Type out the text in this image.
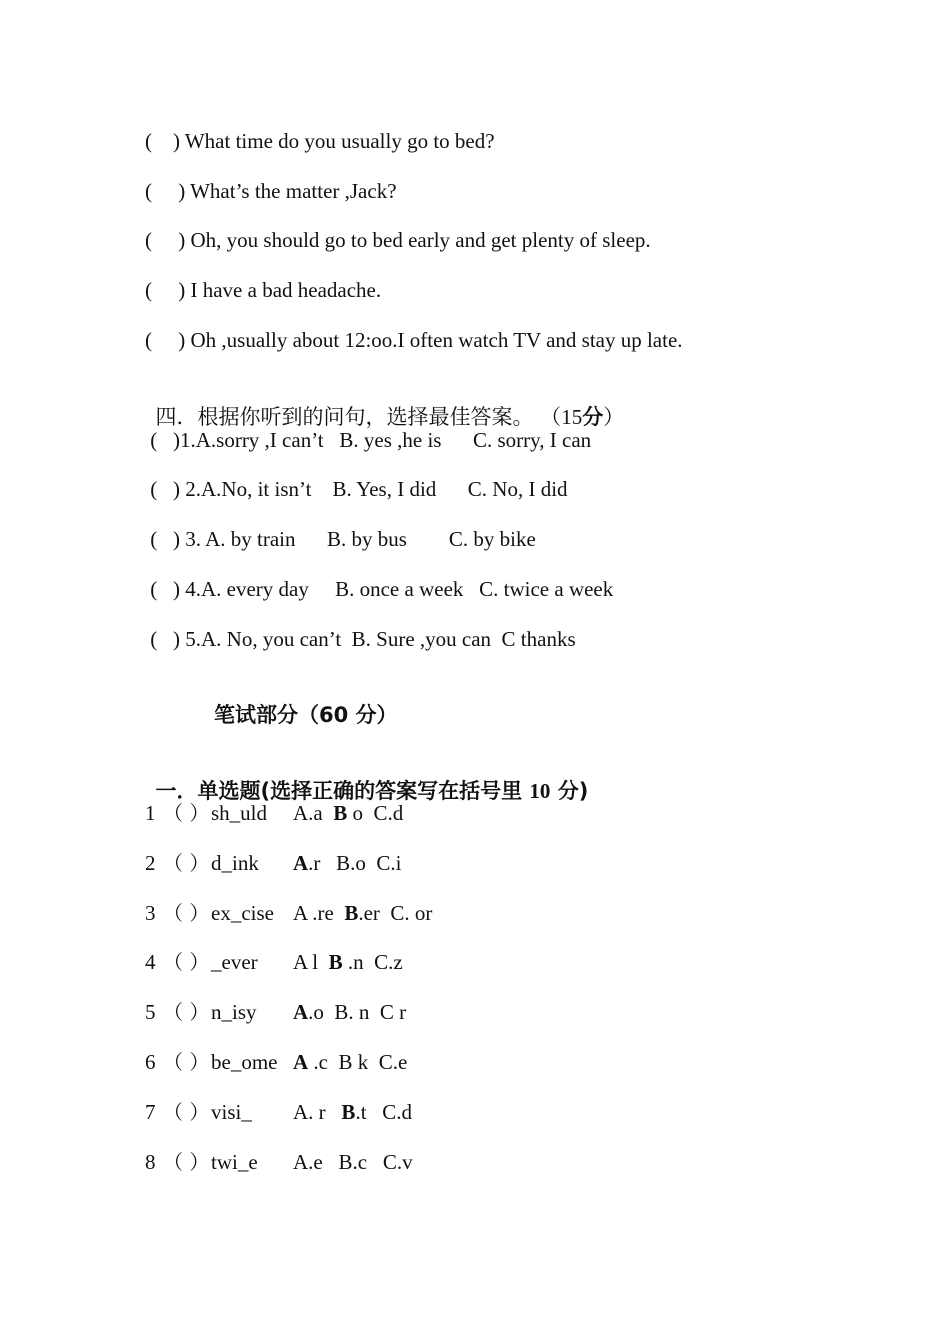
(    ) What time do you usually go to bed?
(     ) What’s the matter ,Jack?
(     ) Oh, you should go to bed early and get plenty of sleep.
(     ) I have a bad headache.
(     ) Oh ,usually about 12:oo.I often watch TV and stay up late.

四．根据你听到的问句，选择最佳答案。 （15分）

(   )1.A.sorry ,I can’t   B. yes ,he is      C. sorry, I can
(   ) 2.A.No, it isn’t    B. Yes, I did      C. No, I did
(   ) 3. A. by train      B. by bus        C. by bike
(   ) 4.A. every day     B. once a week   C. twice a week
(   ) 5.A. No, you can’t  B. Sure ,you can  C thanks
笔试部分（60 分）

一．单选题(选择正确的答案写在括号里 10 分)

1 （ ）sh_uld A.a  B o  C.d
2 （ ）d_ink A.r   B.o  C.i
3 （ ）ex_cise A .re  B.er  C. or
4 （ ）_ever A l  B .n  C.z
5 （ ）n_isy A.o  B. n  C r
6 （ ）be_ome A .c  B k  C.e
7 （ ）visi_ A. r   B.t   C.d
8 （ ）twi_e A.e   B.c   C.v
